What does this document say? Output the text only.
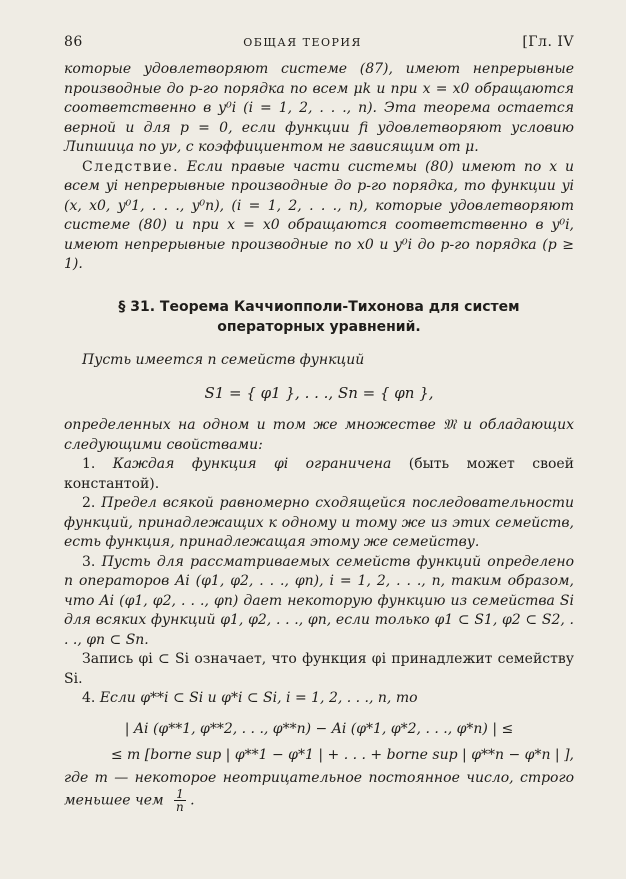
86	ОБЩАЯ ТЕОРИЯ	[Гл. IV

которые удовлетворяют системе (87), имеют непрерывные производные до p-го порядка по всем μk и при x = x0 обращаются соответственно в y⁰i (i = 1, 2, . . ., n). Эта теорема остается верной и для p = 0, если функции fi удовлетворяют условию Липшица по yν, с коэффициентом не зависящим от μ.

Следствие. Если правые части системы (80) имеют по x и всем yi непрерывные производные до p-го порядка, то функции yi (x, x0, y⁰1, . . ., y⁰n), (i = 1, 2, . . ., n), которые удовлетворяют системе (80) и при x = x0 обращаются соответственно в y⁰i, имеют непрерывные производные по x0 и y⁰i до p-го порядка (p ≥ 1).

§ 31. Теорема Каччиопполи-Тихонова для систем операторных уравнений.

Пусть имеется n семейств функций

S1 = { φ1 }, . . ., Sn = { φn },

определенных на одном и том же множестве 𝔐 и обладающих следующими свойствами:

1. Каждая функция φi ограничена (быть может своей константой).

2. Предел всякой равномерно сходящейся последовательности функций, принадлежащих к одному и тому же из этих семейств, есть функция, принадлежащая этому же семейству.

3. Пусть для рассматриваемых семейств функций определено n операторов Ai (φ1, φ2, . . ., φn), i = 1, 2, . . ., n, таким образом, что Ai (φ1, φ2, . . ., φn) дает некоторую функцию из семейства Si для всяких функций φ1, φ2, . . ., φn, если только φ1 ⊂ S1, φ2 ⊂ S2, . . ., φn ⊂ Sn.

Запись φi ⊂ Si означает, что функция φi принадлежит семейству Si.

4. Если φ**i ⊂ Si и φ*i ⊂ Si, i = 1, 2, . . ., n, то

| Ai (φ**1, φ**2, . . ., φ**n) − Ai (φ*1, φ*2, . . ., φ*n) | ≤
≤ m [borne sup | φ**1 − φ*1 | + . . . + borne sup | φ**n − φ*n | ],

где m — некоторое неотрицательное постоянное число, строго меньшее чем $\frac{1}{n}$ .
